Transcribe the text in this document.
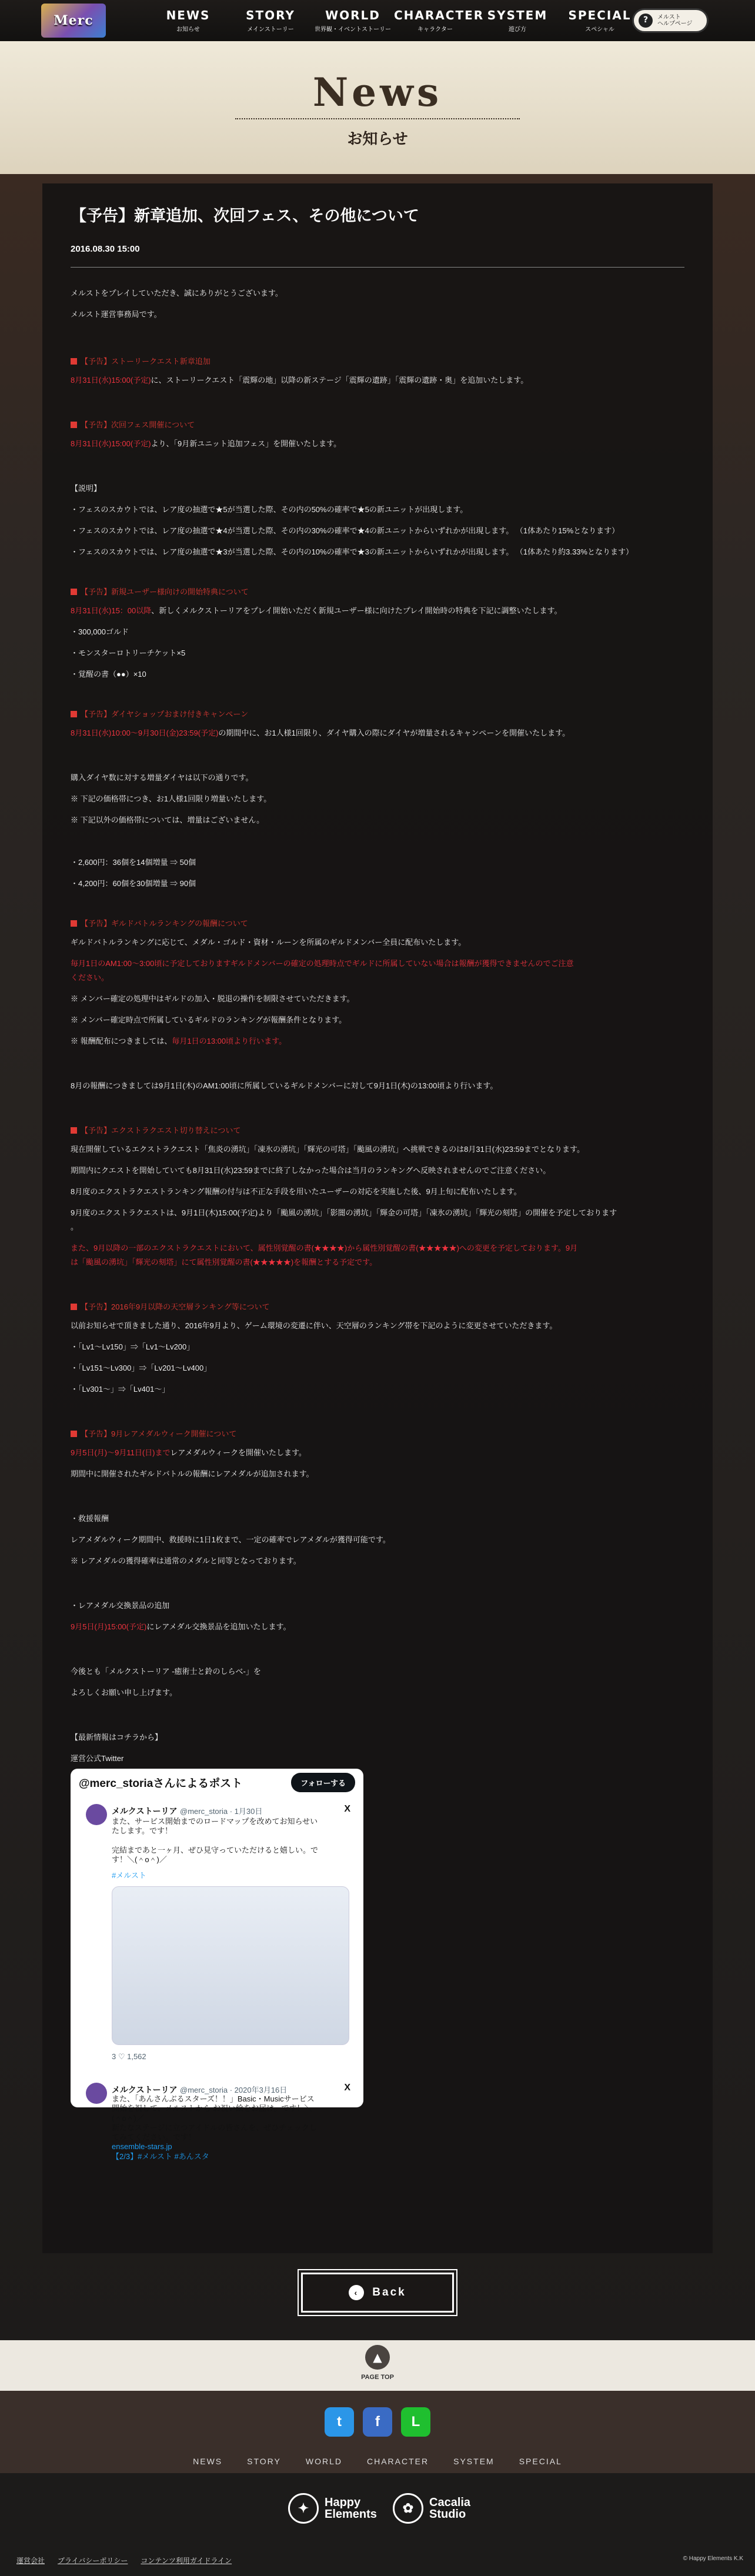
Merc	NEWS
お知らせ
STORY
メインストーリー
WORLD
世界観・イベントストーリー
CHARACTER
キャラクター
SYSTEM
遊び方
SPECIAL
スペシャル
?	メルスト
ヘルプページ
News
お知らせ
【予告】新章追加、次回フェス、その他について
2016.08.30 15:00
メルストをプレイしていただき、誠にありがとうございます。
メルスト運営事務局です。
【予告】ストーリークエスト新章追加
8月31日(水)15:00(予定)に、ストーリークエスト「震輝の地」以降の新ステージ「震輝の遺跡」「震輝の遺跡・奥」を追加いたします。
【予告】次回フェス開催について
8月31日(水)15:00(予定)より、「9月新ユニット追加フェス」を開催いたします。
【説明】
・フェスのスカウトでは、レア度の抽選で★5が当選した際、その内の50%の確率で★5の新ユニットが出現します。
・フェスのスカウトでは、レア度の抽選で★4が当選した際、その内の30%の確率で★4の新ユニットからいずれかが出現します。 （1体あたり15%となります）
・フェスのスカウトでは、レア度の抽選で★3が当選した際、その内の10%の確率で★3の新ユニットからいずれかが出現します。 （1体あたり約3.33%となります）
【予告】新規ユーザー様向けの開始特典について
8月31日(水)15：00以降、新しくメルクストーリアをプレイ開始いただく新規ユーザー様に向けたプレイ開始時の特典を下記に調整いたします。
・300,000ゴルド
・モンスターロトリーチケット×5
・覚醒の書（●●）×10
【予告】ダイヤショップおまけ付きキャンペーン
8月31日(水)10:00〜9月30日(金)23:59(予定)の期間中に、お1人様1回限り、ダイヤ購入の際にダイヤが増量されるキャンペーンを開催いたします。
購入ダイヤ数に対する増量ダイヤは以下の通りです。
※ 下記の価格帯につき、お1人様1回限り増量いたします。
※ 下記以外の価格帯については、増量はございません。
・2,600円：36個を14個増量 ⇒ 50個
・4,200円：60個を30個増量 ⇒ 90個
【予告】ギルドバトルランキングの報酬について
ギルドバトルランキングに応じて、メダル・ゴルド・資材・ルーンを所属のギルドメンバー全員に配布いたします。
毎月1日のAM1:00〜3:00頃に予定しておりますギルドメンバーの確定の処理時点でギルドに所属していない場合は報酬が獲得できませんのでご注意
ください。
※ メンバー確定の処理中はギルドの加入・脱退の操作を制限させていただきます。
※ メンバー確定時点で所属しているギルドのランキングが報酬条件となります。
※ 報酬配布につきましては、毎月1日の13:00頃より行います。
8月の報酬につきましては9月1日(木)のAM1:00頃に所属しているギルドメンバーに対して9月1日(木)の13:00頃より行います。
【予告】エクストラクエスト切り替えについて
現在開催しているエクストラクエスト「焦炎の湧坑」「凍氷の湧坑」「輝光の可塔」「颱風の湧坑」へ挑戦できるのは8月31日(水)23:59までとなります。
期間内にクエストを開始していても8月31日(水)23:59までに終了しなかった場合は当月のランキングへ反映されませんのでご注意ください。
8月度のエクストラクエストランキング報酬の付与は不正な手段を用いたユーザーの対応を実施した後、9月上旬に配布いたします。
9月度のエクストラクエストは、9月1日(木)15:00(予定)より「颱風の湧坑」「影闇の湧坑」「輝金の可塔」「凍氷の湧坑」「輝光の刻塔」の開催を予定しております
。
また、9月以降の一部のエクストラクエストにおいて、属性別覚醒の書(★★★★)から属性別覚醒の書(★★★★★)への変更を予定しております。9月
は「颱風の湧坑」「輝光の刻塔」にて属性別覚醒の書(★★★★★)を報酬とする予定です。
【予告】2016年9月以降の天空層ランキング等について
以前お知らせで頂きました通り、2016年9月より、ゲーム環境の変遷に伴い、天空層のランキング帯を下記のように変更させていただきます。
・「Lv1〜Lv150」⇒「Lv1〜Lv200」
・「Lv151〜Lv300」⇒「Lv201〜Lv400」
・「Lv301〜」⇒「Lv401〜」
【予告】9月レアメダルウィーク開催について
9月5日(月)〜9月11日(日)までレアメダルウィークを開催いたします。
期間中に開催されたギルドバトルの報酬にレアメダルが追加されます。
・救援報酬
レアメダルウィーク期間中、救援時に1日1枚まで、一定の確率でレアメダルが獲得可能です。
※ レアメダルの獲得確率は通常のメダルと同等となっております。
・レアメダル交換景品の追加
9月5日(月)15:00(予定)にレアメダル交換景品を追加いたします。
今後とも「メルクストーリア -癒術士と鈴のしらべ-」を
よろしくお願い申し上げます。
【最新情報はコチラから】
運営公式Twitter
@merc_storiaさんによるポスト	フォローする
メルクストーリア @merc_storia · 1月30日	X
また、サービス開始までのロードマップを改めてお知らせい
たします。です！

完結まであと一ヶ月、ぜひ見守っていただけると嬉しい。で
す！＼(＾o＾)／
#メルスト
3 ♡ 1,562
メルクストーリア @merc_storia · 2020年3月16日	X
また、「あんさんぶるスターズ！！」Basic・Musicサービス
開始を祝して、メルストから お祝い絵をお届け。です！＼
(＾o＾)／
新たなステージに立つアイドルの皆さんを、ぜひチェックし
てみてください。です！
ensemble-stars.jp
【2/3】#メルスト #あんスタ
‹	Back
▲
PAGE TOP
t	f	L
NEWS	STORY	WORLD	CHARACTER	SYSTEM	SPECIAL
✦	Happy
Elements	✿	Cacalia
Studio
運営会社 プライバシーポリシー コンテンツ利用ガイドライン	© Happy Elements K.K
